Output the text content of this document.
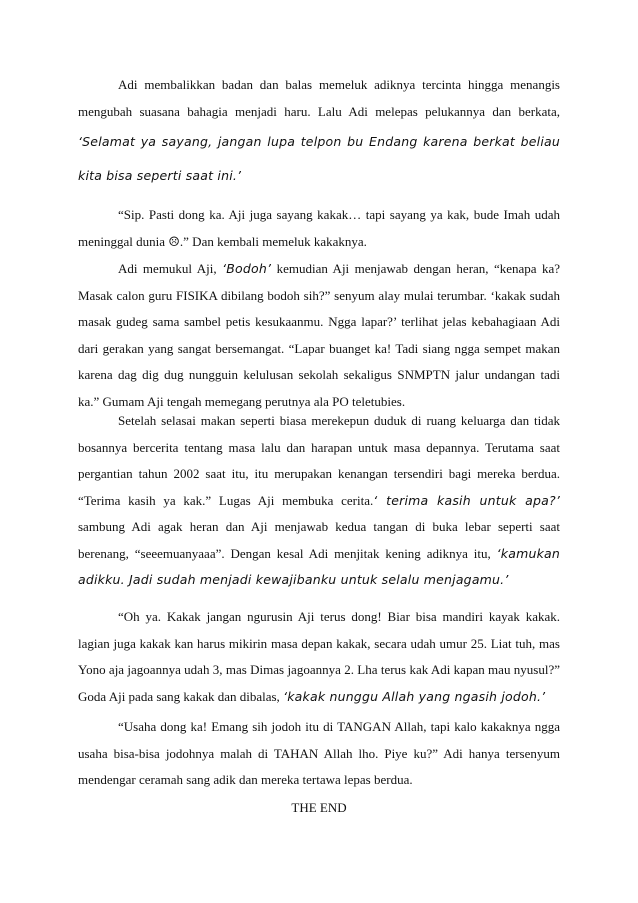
Adi membalikkan badan dan balas memeluk adiknya tercinta hingga menangis mengubah suasana bahagia menjadi haru. Lalu Adi melepas pelukannya dan berkata, ‘Selamat ya sayang, jangan lupa telpon bu Endang karena berkat beliau kita bisa seperti saat ini.’

“Sip. Pasti dong ka. Aji juga sayang kakak… tapi sayang ya kak, bude Imah udah meninggal dunia ☹.” Dan kembali memeluk kakaknya.

Adi memukul Aji, ‘Bodoh’ kemudian Aji menjawab dengan heran, “kenapa ka? Masak calon guru FISIKA dibilang bodoh sih?” senyum alay mulai terumbar. ‘kakak sudah masak gudeg sama sambel petis kesukaanmu. Ngga lapar?’ terlihat jelas kebahagiaan Adi dari gerakan yang sangat bersemangat. “Lapar buanget ka! Tadi siang ngga sempet makan karena dag dig dug nungguin kelulusan sekolah sekaligus SNMPTN jalur undangan tadi ka.” Gumam Aji tengah memegang perutnya ala PO teletubies.

Setelah selasai makan seperti biasa merekepun duduk di ruang keluarga dan tidak bosannya bercerita tentang masa lalu dan harapan untuk masa depannya. Terutama saat pergantian tahun 2002 saat itu, itu merupakan kenangan tersendiri bagi mereka berdua. “Terima kasih ya kak.” Lugas Aji membuka cerita.‘ terima kasih untuk apa?’ sambung Adi agak heran dan Aji menjawab kedua tangan di buka lebar seperti saat berenang, “seeemuanyaaa”. Dengan kesal Adi menjitak kening adiknya itu, ‘kamukan adikku. Jadi sudah menjadi kewajibanku untuk selalu menjagamu.’

“Oh ya. Kakak jangan ngurusin Aji terus dong! Biar bisa mandiri kayak kakak. lagian juga kakak kan harus mikirin masa depan kakak, secara udah umur 25. Liat tuh, mas Yono aja jagoannya udah 3, mas Dimas jagoannya 2. Lha terus kak Adi kapan mau nyusul?” Goda Aji pada sang kakak dan dibalas, ‘kakak nunggu Allah yang ngasih jodoh.’

“Usaha dong ka! Emang sih jodoh itu di TANGAN Allah, tapi kalo kakaknya ngga usaha bisa-bisa jodohnya malah di TAHAN Allah lho. Piye ku?” Adi hanya tersenyum mendengar ceramah sang adik dan mereka tertawa lepas berdua.

THE END
